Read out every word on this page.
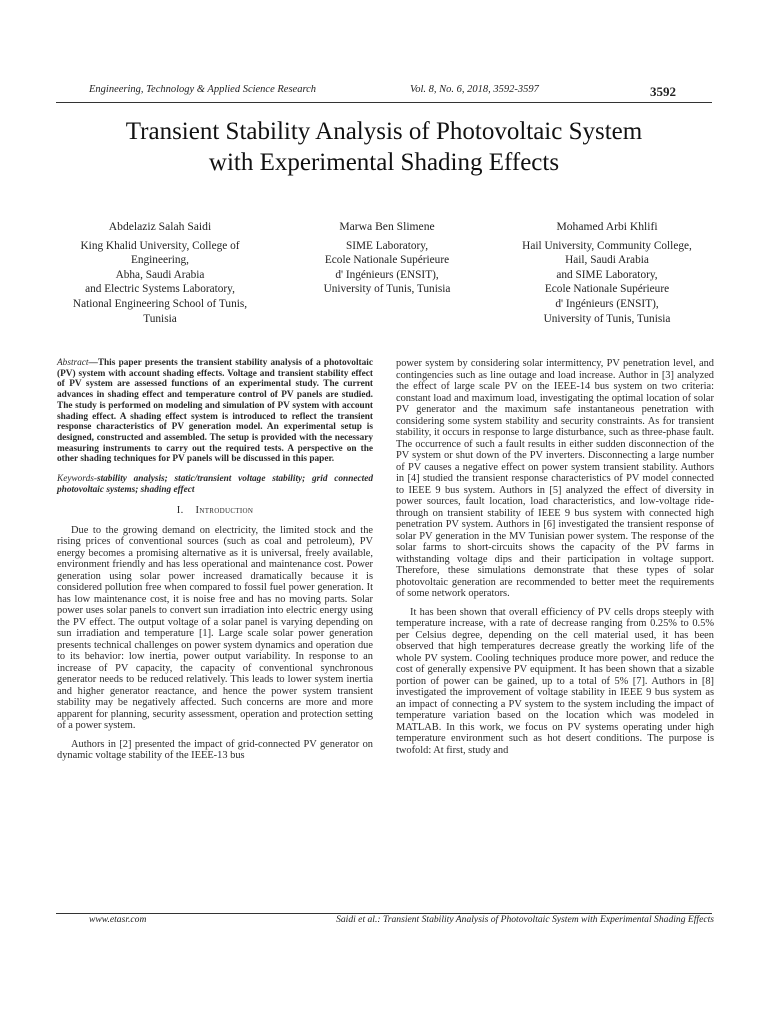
Engineering, Technology & Applied Science Research	Vol. 8, No. 6, 2018, 3592-3597	3592
Transient Stability Analysis of Photovoltaic System
with Experimental Shading Effects
Abdelaziz Salah Saidi
King Khalid University, College of
Engineering,
Abha, Saudi Arabia
and Electric Systems Laboratory,
National Engineering School of Tunis,
Tunisia
Marwa Ben Slimene
SIME Laboratory,
Ecole Nationale Supérieure
d' Ingénieurs (ENSIT),
University of Tunis, Tunisia
Mohamed Arbi Khlifi
Hail University, Community College,
Hail, Saudi Arabia
and SIME Laboratory,
Ecole Nationale Supérieure
d' Ingénieurs (ENSIT),
University of Tunis, Tunisia

Abstract—This paper presents the transient stability analysis of a photovoltaic (PV) system with account shading effects. Voltage and transient stability effect of PV system are assessed functions of an experimental study. The current advances in shading effect and temperature control of PV panels are studied. The study is performed on modeling and simulation of PV system with account shading effect. A shading effect system is introduced to reflect the transient response characteristics of PV generation model. An experimental setup is designed, constructed and assembled. The setup is provided with the necessary measuring instruments to carry out the required tests. A perspective on the other shading techniques for PV panels will be discussed in this paper.

Keywords-stability analysis; static/transient voltage stability; grid connected photovoltaic systems; shading effect

I. Introduction

Due to the growing demand on electricity, the limited stock and the rising prices of conventional sources (such as coal and petroleum), PV energy becomes a promising alternative as it is universal, freely available, environment friendly and has less operational and maintenance cost. Power generation using solar power increased dramatically because it is considered pollution free when compared to fossil fuel power generation. It has low maintenance cost, it is noise free and has no moving parts. Solar power uses solar panels to convert sun irradiation into electric energy using the PV effect. The output voltage of a solar panel is varying depending on sun irradiation and temperature [1]. Large scale solar power generation presents technical challenges on power system dynamics and operation due to its behavior: low inertia, power output variability. In response to an increase of PV capacity, the capacity of conventional synchronous generator needs to be reduced relatively. This leads to lower system inertia and higher generator reactance, and hence the power system transient stability may be negatively affected. Such concerns are more and more apparent for planning, security assessment, operation and protection setting of a power system.

Authors in [2] presented the impact of grid-connected PV generator on dynamic voltage stability of the IEEE-13 bus

power system by considering solar intermittency, PV penetration level, and contingencies such as line outage and load increase. Author in [3] analyzed the effect of large scale PV on the IEEE-14 bus system on two criteria: constant load and maximum load, investigating the optimal location of solar PV generator and the maximum safe instantaneous penetration with considering some system stability and security constraints. As for transient stability, it occurs in response to large disturbance, such as three-phase fault. The occurrence of such a fault results in either sudden disconnection of the PV system or shut down of the PV inverters. Disconnecting a large number of PV causes a negative effect on power system transient stability. Authors in [4] studied the transient response characteristics of PV model connected to IEEE 9 bus system. Authors in [5] analyzed the effect of diversity in power sources, fault location, load characteristics, and low-voltage ride-through on transient stability of IEEE 9 bus system with connected high penetration PV system. Authors in [6] investigated the transient response of solar PV generation in the MV Tunisian power system. The response of the solar farms to short-circuits shows the capacity of the PV farms in withstanding voltage dips and their participation in voltage support. Therefore, these simulations demonstrate that these types of solar photovoltaic generation are recommended to better meet the requirements of some network operators.

It has been shown that overall efficiency of PV cells drops steeply with temperature increase, with a rate of decrease ranging from 0.25% to 0.5% per Celsius degree, depending on the cell material used, it has been observed that high temperatures decrease greatly the working life of the whole PV system. Cooling techniques produce more power, and reduce the cost of generally expensive PV equipment. It has been shown that a sizable portion of power can be gained, up to a total of 5% [7]. Authors in [8] investigated the improvement of voltage stability in IEEE 9 bus system as an impact of connecting a PV system to the system including the impact of temperature variation based on the location which was modeled in MATLAB. In this work, we focus on PV systems operating under high temperature environment such as hot desert conditions. The purpose is twofold: At first, study and

www.etasr.com	Saidi et al.: Transient Stability Analysis of Photovoltaic System with Experimental Shading Effects
